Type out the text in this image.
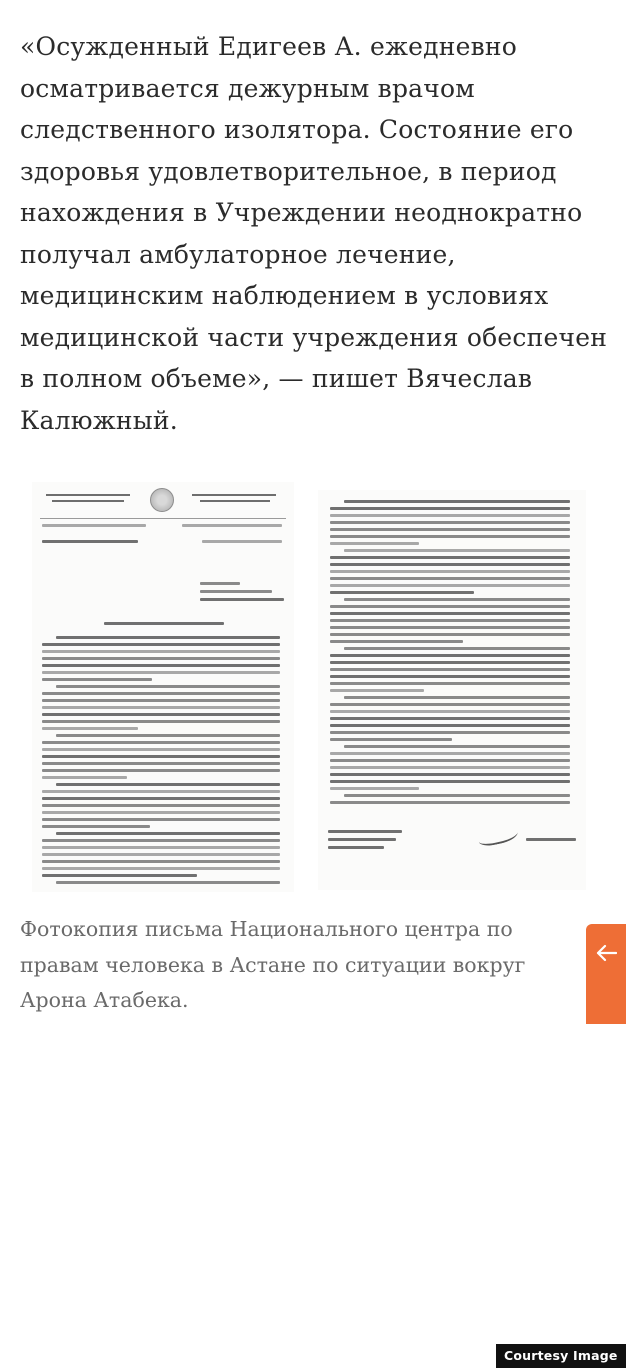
«Осужденный Едигеев А. ежедневно
осматривается дежурным врачом
следственного изолятора. Состояние его
здоровья удовлетворительное, в период
нахождения в Учреждении неоднократно
получал амбулаторное лечение,
медицинским наблюдением в условиях
медицинской части учреждения обеспечен
в полном объеме», — пишет Вячеслав
Калюжный.
Courtesy Image
Фотокопия письма Национального центра по
правам человека в Астане по ситуации вокруг
Арона Атабека.
